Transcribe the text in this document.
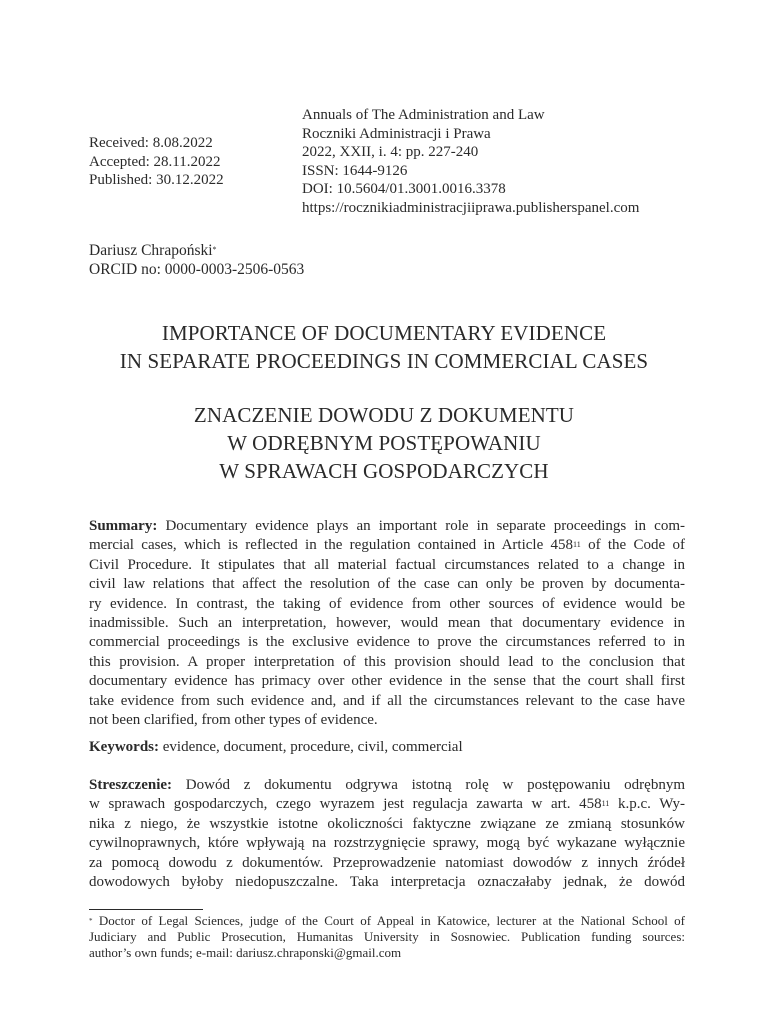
Received: 8.08.2022
Accepted: 28.11.2022
Published: 30.12.2022
Annuals of The Administration and Law
Roczniki Administracji i Prawa
2022, XXII, i. 4: pp. 227-240
ISSN: 1644-9126
DOI: 10.5604/01.3001.0016.3378
https://rocznikiadministracjiiprawa.publisherspanel.com
Dariusz Chrapoński*
ORCID no: 0000-0003-2506-0563
IMPORTANCE OF DOCUMENTARY EVIDENCE
IN SEPARATE PROCEEDINGS IN COMMERCIAL CASES
ZNACZENIE DOWODU Z DOKUMENTU
W ODRĘBNYM POSTĘPOWANIU
W SPRAWACH GOSPODARCZYCH
Summary: Documentary evidence plays an important role in separate proceedings in com-
mercial cases, which is reflected in the regulation contained in Article $458^{11}$ of the Code of
Civil Procedure. It stipulates that all material factual circumstances related to a change in
civil law relations that affect the resolution of the case can only be proven by documenta-
ry evidence. In contrast, the taking of evidence from other sources of evidence would be
inadmissible. Such an interpretation, however, would mean that documentary evidence in
commercial proceedings is the exclusive evidence to prove the circumstances referred to in
this provision. A proper interpretation of this provision should lead to the conclusion that
documentary evidence has primacy over other evidence in the sense that the court shall first
take evidence from such evidence and, and if all the circumstances relevant to the case have
not been clarified, from other types of evidence.
Keywords: evidence, document, procedure, civil, commercial
Streszczenie: Dowód z dokumentu odgrywa istotną rolę w postępowaniu odrębnym
w sprawach gospodarczych, czego wyrazem jest regulacja zawarta w art. $458^{11}$ k.p.c. Wy-
nika z niego, że wszystkie istotne okoliczności faktyczne związane ze zmianą stosunków
cywilnoprawnych, które wpływają na rozstrzygnięcie sprawy, mogą być wykazane wyłącznie
za pomocą dowodu z dokumentów. Przeprowadzenie natomiast dowodów z innych źródeł
dowodowych byłoby niedopuszczalne. Taka interpretacja oznaczałaby jednak, że dowód
* Doctor of Legal Sciences, judge of the Court of Appeal in Katowice, lecturer at the National School of
Judiciary and Public Prosecution, Humanitas University in Sosnowiec. Publication funding sources:
author’s own funds; e-mail: dariusz.chraponski@gmail.com
